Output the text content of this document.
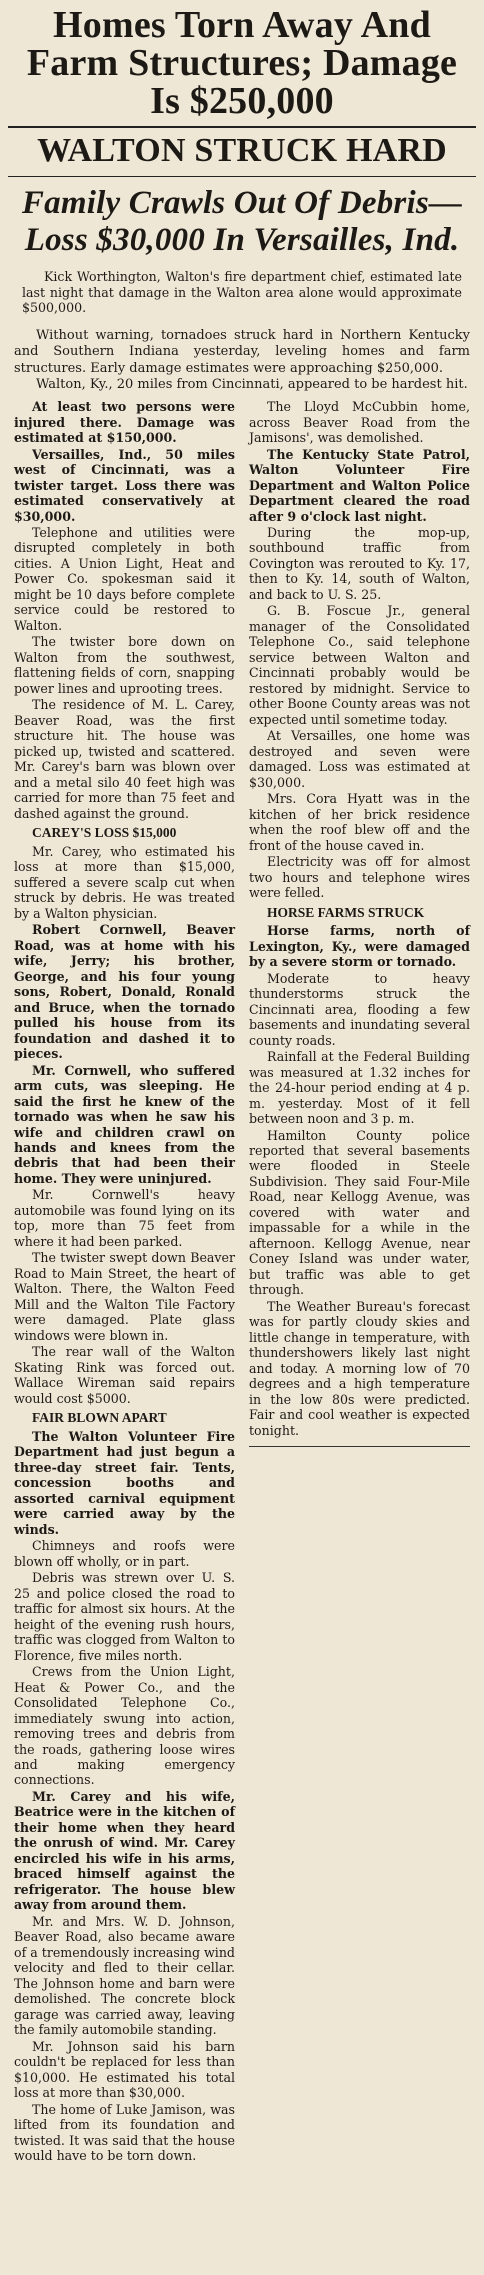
Homes Torn Away And Farm Structures; Damage Is $250,000
WALTON STRUCK HARD
Family Crawls Out Of Debris—Loss $30,000 In Versailles, Ind.
Kick Worthington, Walton's fire department chief, estimated late last night that damage in the Walton area alone would approximate $500,000.

Without warning, tornadoes struck hard in Northern Kentucky and Southern Indiana yesterday, leveling homes and farm structures. Early damage estimates were approaching $250,000.

Walton, Ky., 20 miles from Cincinnati, appeared to be hardest hit.

At least two persons were injured there. Damage was estimated at $150,000.

Versailles, Ind., 50 miles west of Cincinnati, was a twister target. Loss there was estimated conservatively at $30,000.

Telephone and utilities were disrupted completely in both cities. A Union Light, Heat and Power Co. spokesman said it might be 10 days before complete service could be restored to Walton.

The twister bore down on Walton from the southwest, flattening fields of corn, snapping power lines and uprooting trees.

The residence of M. L. Carey, Beaver Road, was the first structure hit. The house was picked up, twisted and scattered. Mr. Carey's barn was blown over and a metal silo 40 feet high was carried for more than 75 feet and dashed against the ground.

CAREY'S LOSS $15,000

Mr. Carey, who estimated his loss at more than $15,000, suffered a severe scalp cut when struck by debris. He was treated by a Walton physician.

Robert Cornwell, Beaver Road, was at home with his wife, Jerry; his brother, George, and his four young sons, Robert, Donald, Ronald and Bruce, when the tornado pulled his house from its foundation and dashed it to pieces.

Mr. Cornwell, who suffered arm cuts, was sleeping. He said the first he knew of the tornado was when he saw his wife and children crawl on hands and knees from the debris that had been their home. They were uninjured.

Mr. Cornwell's heavy automobile was found lying on its top, more than 75 feet from where it had been parked.

The twister swept down Beaver Road to Main Street, the heart of Walton. There, the Walton Feed Mill and the Walton Tile Factory were damaged. Plate glass windows were blown in.

The rear wall of the Walton Skating Rink was forced out. Wallace Wireman said repairs would cost $5000.

FAIR BLOWN APART

The Walton Volunteer Fire Department had just begun a three-day street fair. Tents, concession booths and assorted carnival equipment were carried away by the winds.

Chimneys and roofs were blown off wholly, or in part.

Debris was strewn over U. S. 25 and police closed the road to traffic for almost six hours. At the height of the evening rush hours, traffic was clogged from Walton to Florence, five miles north.

Crews from the Union Light, Heat & Power Co., and the Consolidated Telephone Co., immediately swung into action, removing trees and debris from the roads, gathering loose wires and making emergency connections.

Mr. Carey and his wife, Beatrice were in the kitchen of their home when they heard the onrush of wind. Mr. Carey encircled his wife in his arms, braced himself against the refrigerator. The house blew away from around them.

Mr. and Mrs. W. D. Johnson, Beaver Road, also became aware of a tremendously increasing wind velocity and fled to their cellar. The Johnson home and barn were demolished. The concrete block garage was carried away, leaving the family automobile standing.

Mr. Johnson said his barn couldn't be replaced for less than $10,000. He estimated his total loss at more than $30,000.

The home of Luke Jamison, was lifted from its foundation and twisted. It was said that the house would have to be torn down.

The Lloyd McCubbin home, across Beaver Road from the Jamisons', was demolished.

The Kentucky State Patrol, Walton Volunteer Fire Department and Walton Police Department cleared the road after 9 o'clock last night.

During the mop-up, southbound traffic from Covington was rerouted to Ky. 17, then to Ky. 14, south of Walton, and back to U. S. 25.

G. B. Foscue Jr., general manager of the Consolidated Telephone Co., said telephone service between Walton and Cincinnati probably would be restored by midnight. Service to other Boone County areas was not expected until sometime today.

At Versailles, one home was destroyed and seven were damaged. Loss was estimated at $30,000.

Mrs. Cora Hyatt was in the kitchen of her brick residence when the roof blew off and the front of the house caved in.

Electricity was off for almost two hours and telephone wires were felled.

HORSE FARMS STRUCK

Horse farms, north of Lexington, Ky., were damaged by a severe storm or tornado.

Moderate to heavy thunderstorms struck the Cincinnati area, flooding a few basements and inundating several county roads.

Rainfall at the Federal Building was measured at 1.32 inches for the 24-hour period ending at 4 p. m. yesterday. Most of it fell between noon and 3 p. m.

Hamilton County police reported that several basements were flooded in Steele Subdivision. They said Four-Mile Road, near Kellogg Avenue, was covered with water and impassable for a while in the afternoon. Kellogg Avenue, near Coney Island was under water, but traffic was able to get through.

The Weather Bureau's forecast was for partly cloudy skies and little change in temperature, with thundershowers likely last night and today. A morning low of 70 degrees and a high temperature in the low 80s were predicted. Fair and cool weather is expected tonight.
